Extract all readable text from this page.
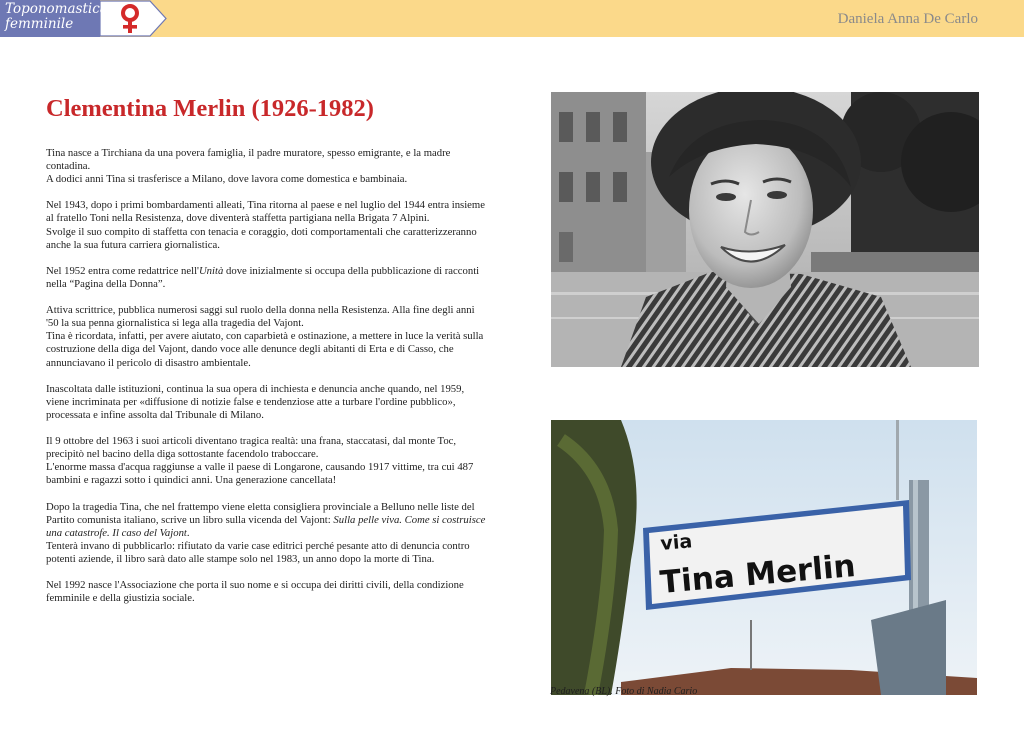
Toponomastica
femminile	Daniela Anna De Carlo
Clementina Merlin (1926-1982)

Tina nasce a Tirchiana da una povera famiglia, il padre muratore, spesso emigrante, e la madre contadina.
A dodici anni Tina si trasferisce a Milano, dove lavora come domestica e bambinaia.

Nel 1943, dopo i primi bombardamenti alleati, Tina ritorna al paese e nel luglio del 1944 entra insieme al fratello Toni nella Resistenza, dove diventerà staffetta partigiana nella Brigata 7 Alpini.
Svolge il suo compito di staffetta con tenacia e coraggio, doti comportamentali che caratterizzeranno anche la sua futura carriera giornalistica.

Nel 1952 entra come redattrice nell'Unità dove inizialmente si occupa della pubblicazione di racconti nella “Pagina della Donna”.

Attiva scrittrice, pubblica numerosi saggi sul ruolo della donna nella Resistenza. Alla fine degli anni '50 la sua penna giornalistica si lega alla tragedia del Vajont.
Tina è ricordata, infatti, per avere aiutato, con caparbietà e ostinazione, a mettere in luce la verità sulla costruzione della diga del Vajont, dando voce alle denunce degli abitanti di Erta e di Casso, che annunciavano il pericolo di disastro ambientale.

Inascoltata dalle istituzioni, continua la sua opera di inchiesta e denuncia anche quando, nel 1959, viene incriminata per «diffusione di notizie false e tendenziose atte a turbare l'ordine pubblico», processata e infine assolta dal Tribunale di Milano.

Il 9 ottobre del 1963 i suoi articoli diventano tragica realtà: una frana, staccatasi, dal monte Toc, precipitò nel bacino della diga sottostante facendolo traboccare.
L'enorme massa d'acqua raggiunse a valle il paese di Longarone, causando 1917 vittime, tra cui 487 bambini e ragazzi sotto i quindici anni. Una generazione cancellata!

Dopo la tragedia Tina, che nel frattempo viene eletta consigliera provinciale a Belluno nelle liste del Partito comunista italiano, scrive un libro sulla vicenda del Vajont: Sulla pelle viva. Come si costruisce una catastrofe. Il caso del Vajont.
Tenterà invano di pubblicarlo: rifiutato da varie case editrici perché pesante atto di denuncia contro potenti aziende, il libro sarà dato alle stampe solo nel 1983, un anno dopo la morte di Tina.

Nel 1992 nasce l'Associazione che porta il suo nome e si occupa dei diritti civili, della condizione femminile e della giustizia sociale.

via
Tina Merlin
Pedavena (BL). Foto di Nadia Cario
